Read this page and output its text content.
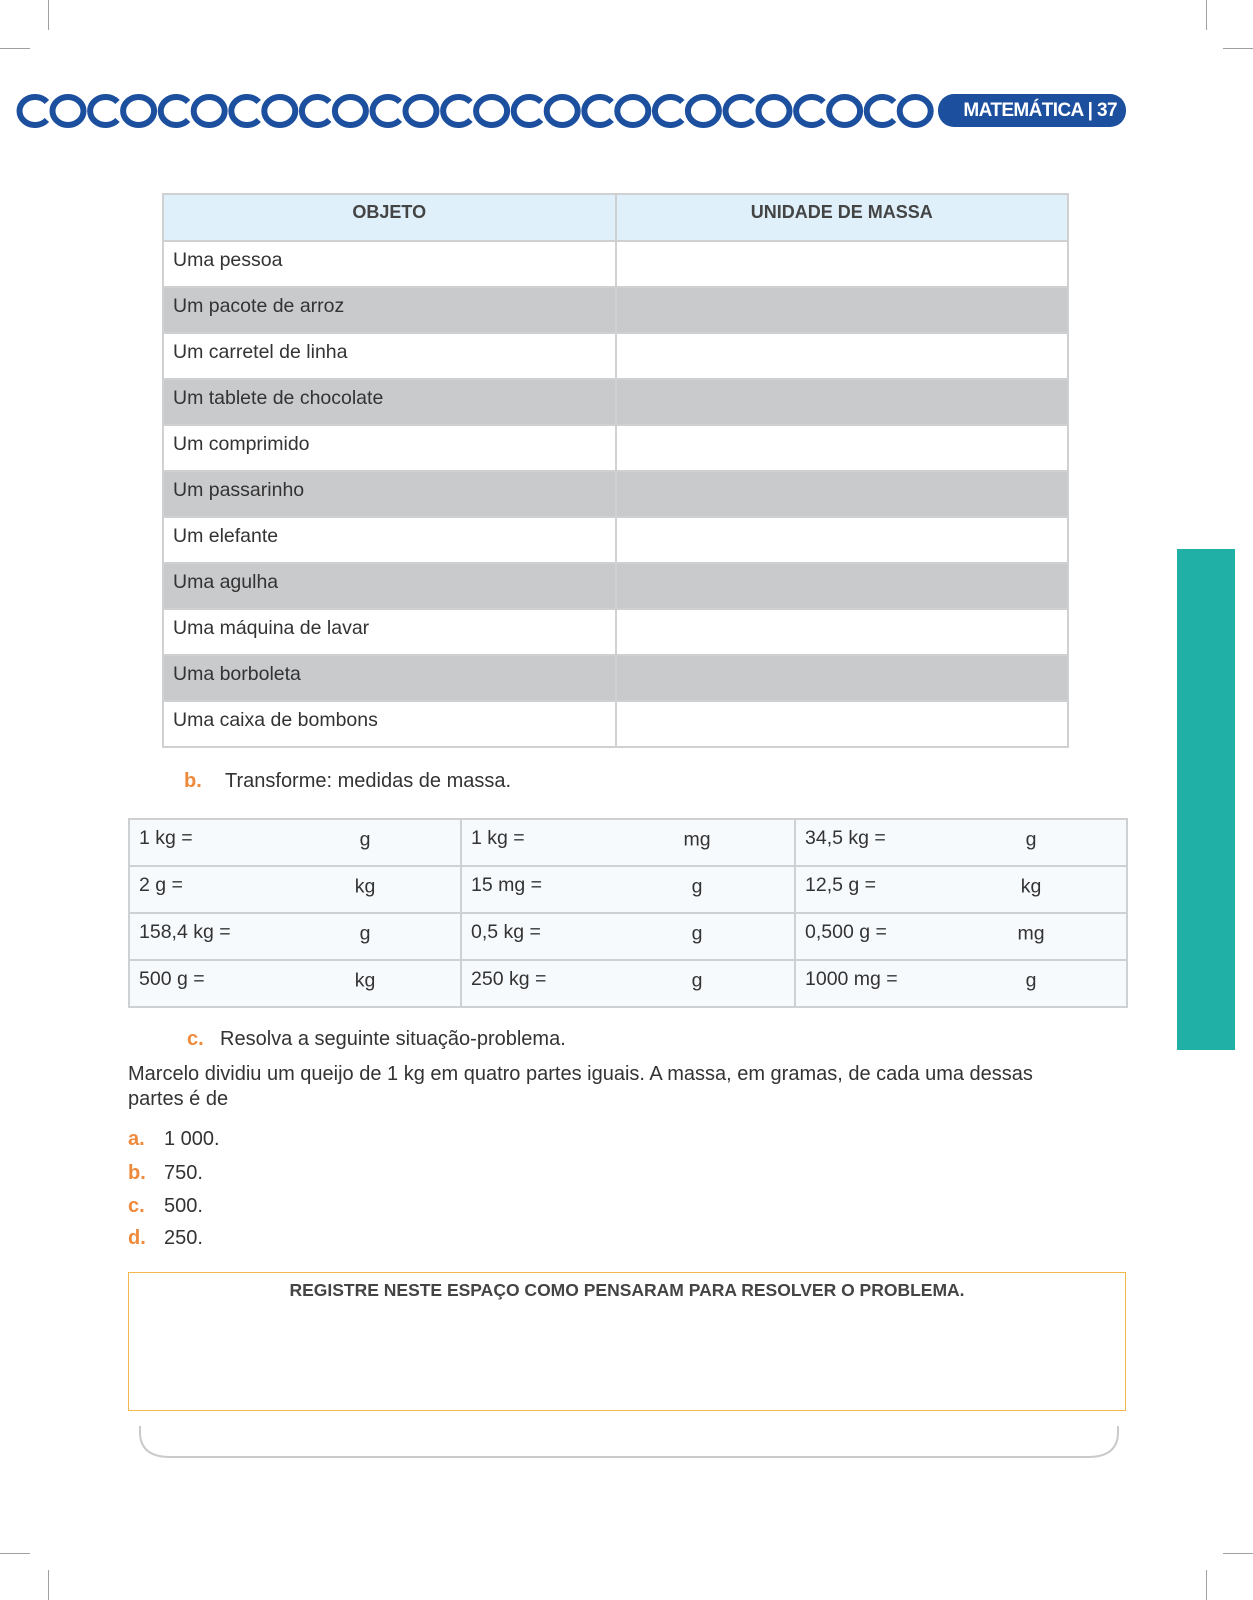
MATEMÁTICA | 37
OBJETO	UNIDADE DE MASSA
Uma pessoa	
Um pacote de arroz	
Um carretel de linha	
Um tablete de chocolate	
Um comprimido	
Um passarinho	
Um elefante	
Uma agulha	
Uma máquina de lavar	
Uma borboleta	
Uma caixa de bombons	
b. Transforme: medidas de massa.
1 kg = g	1 kg = mg	34,5 kg = g

2 g = kg	15 mg = g	12,5 g = kg

158,4 kg = g	0,5 kg = g	0,500 g = mg

500 g = kg	250 kg = g	1000 mg = g
c. Resolva a seguinte situação-problema.
Marcelo dividiu um queijo de 1 kg em quatro partes iguais. A massa, em gramas, de cada uma dessas partes é de
a. 1 000.
b. 750.
c. 500.
d. 250.
REGISTRE NESTE ESPAÇO COMO PENSARAM PARA RESOLVER O PROBLEMA.
